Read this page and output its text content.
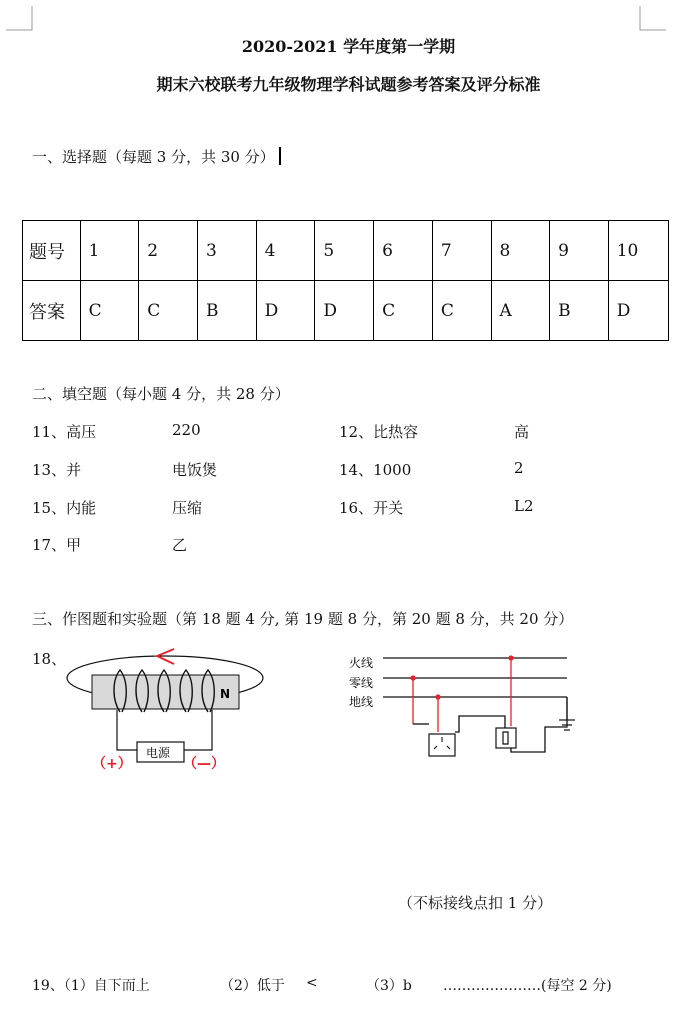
2020-2021 学年度第一学期
期末六校联考九年级物理学科试题参考答案及评分标准
一、选择题（每题 3 分，共 30 分）
题号	1	2	3	4	5	6	7	8	9	10
答案	C	C	B	D	D	C	C	A	B	D
二、填空题（每小题 4 分，共 28 分）
11、高压	220	12、比热容	高
13、并	电饭煲	14、1000	2
15、内能	压缩	16、开关	L2
17、甲	乙
三、作图题和实验题（第 18 题 4 分, 第 19 题 8 分，第 20 题 8 分，共 20 分）
18、
N
电源
（+）	（—）
火线
零线
地线
（不标接线点扣 1 分）
19、（1）自下而上	（2）低于 <	（3）b …………………(每空 2 分)
